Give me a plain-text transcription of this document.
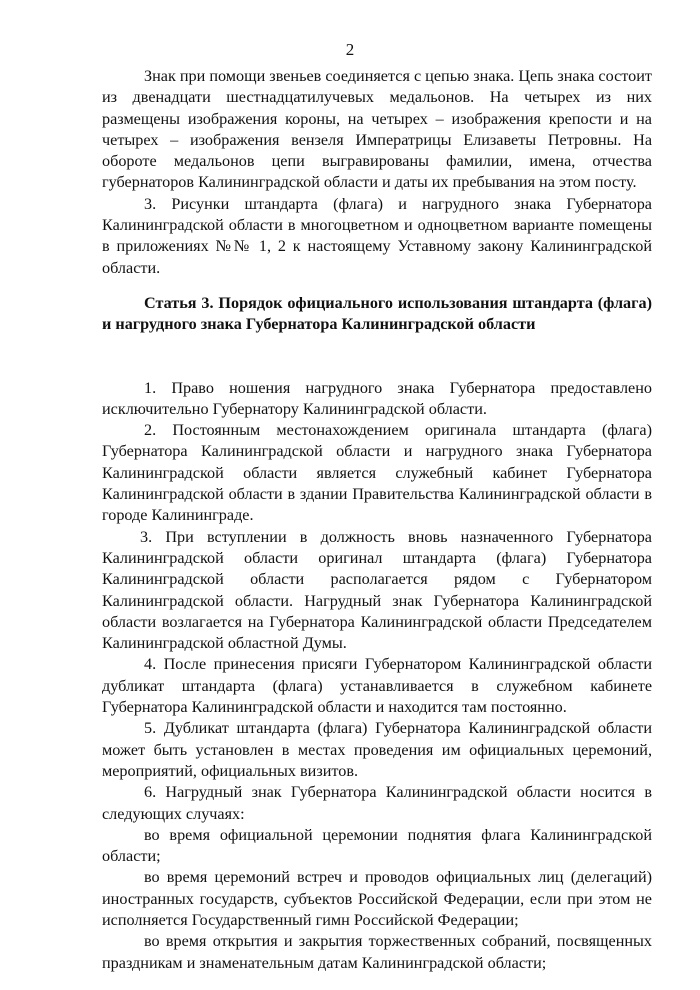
2

Знак при помощи звеньев соединяется с цепью знака. Цепь знака состоит из двенадцати шестнадцатилучевых медальонов. На четырех из них размещены изображения короны, на четырех – изображения крепости и на четырех – изображения вензеля Императрицы Елизаветы Петровны. На обороте медальонов цепи выгравированы фамилии, имена, отчества губернаторов Калининградской области и даты их пребывания на этом посту.

3. Рисунки штандарта (флага) и нагрудного знака Губернатора Калининградской области в многоцветном и одноцветном варианте помещены в приложениях №№ 1, 2 к настоящему Уставному закону Калининградской области.

Статья 3. Порядок официального использования штандарта (флага) и нагрудного знака Губернатора Калининградской области

1. Право ношения нагрудного знака Губернатора предоставлено исключительно Губернатору Калининградской области.

2. Постоянным местонахождением оригинала штандарта (флага) Губернатора Калининградской области и нагрудного знака Губернатора Калининградской области является служебный кабинет Губернатора Калининградской области в здании Правительства Калининградской области в городе Калининграде.

3. При вступлении в должность вновь назначенного Губернатора Калининградской области оригинал штандарта (флага) Губернатора Калининградской области располагается рядом с Губернатором Калининградской области. Нагрудный знак Губернатора Калининградской области возлагается на Губернатора Калининградской области Председателем Калининградской областной Думы.

4. После принесения присяги Губернатором Калининградской области дубликат штандарта (флага) устанавливается в служебном кабинете Губернатора Калининградской области и находится там постоянно.

5. Дубликат штандарта (флага) Губернатора Калининградской области может быть установлен в местах проведения им официальных церемоний, мероприятий, официальных визитов.

6. Нагрудный знак Губернатора Калининградской области носится в следующих случаях:

во время официальной церемонии поднятия флага Калининградской области;

во время церемоний встреч и проводов официальных лиц (делегаций) иностранных государств, субъектов Российской Федерации, если при этом не исполняется Государственный гимн Российской Федерации;

во время открытия и закрытия торжественных собраний, посвященных праздникам и знаменательным датам Калининградской области;
